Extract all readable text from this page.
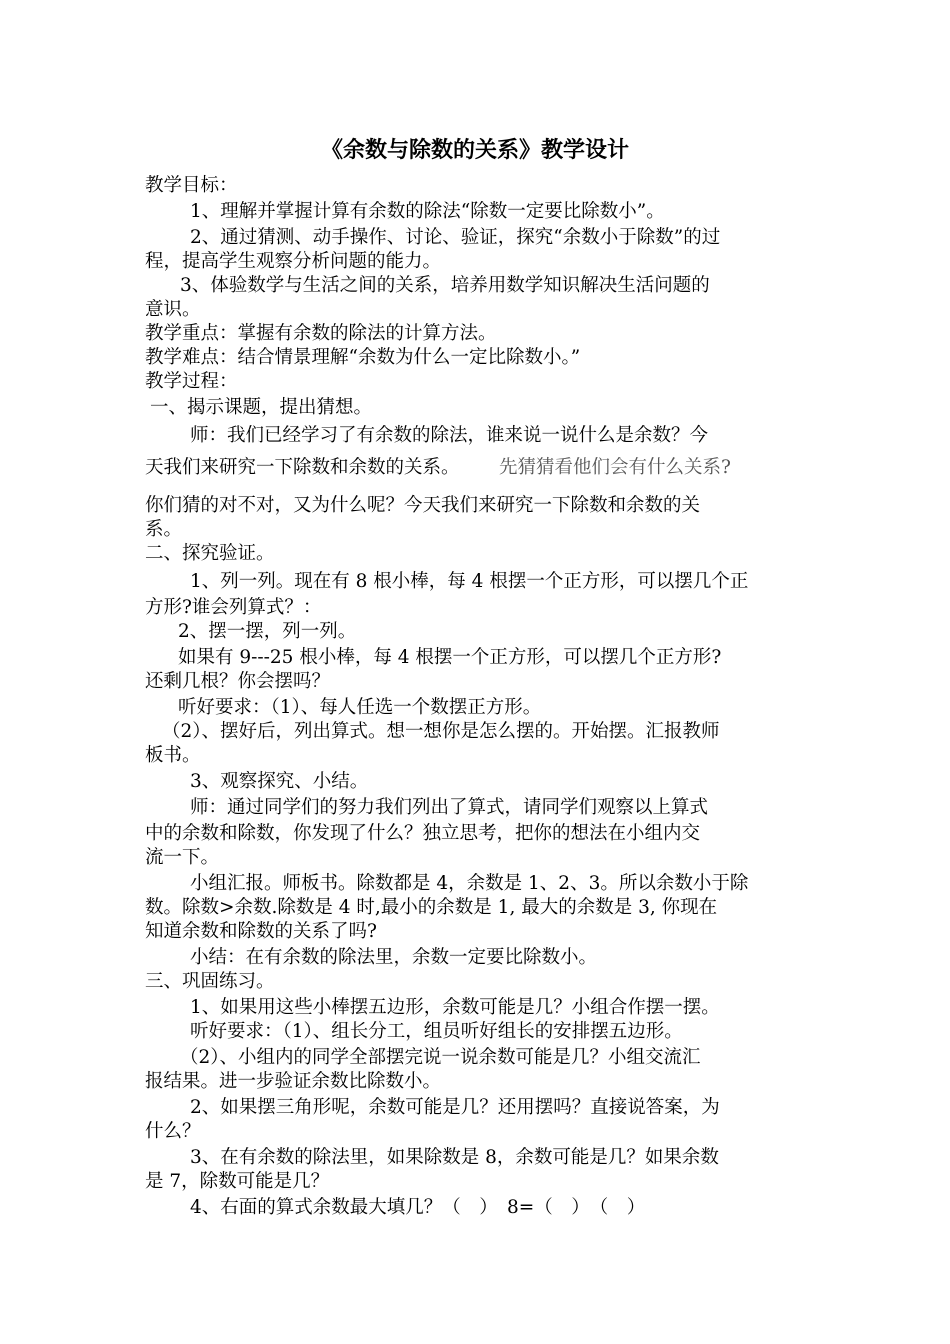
《余数与除数的关系》教学设计
教学目标：
1、理解并掌握计算有余数的除法“除数一定要比除数小”。
2、通过猜测、动手操作、讨论、验证，探究“余数小于除数”的过
程，提高学生观察分析问题的能力。
3、体验数学与生活之间的关系，培养用数学知识解决生活问题的
意识。
教学重点：掌握有余数的除法的计算方法。
教学难点：结合情景理解“余数为什么一定比除数小。”
教学过程：
一、揭示课题，提出猜想。
师：我们已经学习了有余数的除法，谁来说一说什么是余数？今
天我们来研究一下除数和余数的关系。 先猜猜看他们会有什么关系?
你们猜的对不对，又为什么呢？今天我们来研究一下除数和余数的关
系。
二、探究验证。
1、列一列。现在有 8 根小棒，每 4 根摆一个正方形，可以摆几个正
方形?谁会列算式？：
2、摆一摆，列一列。
如果有 9---25 根小棒，每 4 根摆一个正方形，可以摆几个正方形?
还剩几根？你会摆吗？
听好要求：（1）、每人任选一个数摆正方形。
（2）、摆好后，列出算式。想一想你是怎么摆的。开始摆。汇报教师
板书。
3、观察探究、小结。
师：通过同学们的努力我们列出了算式，请同学们观察以上算式
中的余数和除数，你发现了什么？独立思考，把你的想法在小组内交
流一下。
小组汇报。师板书。除数都是 4，余数是 1、2、3。所以余数小于除
数。除数>余数.除数是 4 时,最小的余数是 1, 最大的余数是 3, 你现在
知道余数和除数的关系了吗?
小结：在有余数的除法里，余数一定要比除数小。
三、巩固练习。
1、如果用这些小棒摆五边形，余数可能是几？小组合作摆一摆。
听好要求：（1）、组长分工，组员听好组长的安排摆五边形。
（2）、小组内的同学全部摆完说一说余数可能是几？小组交流汇
报结果。进一步验证余数比除数小。
2、如果摆三角形呢，余数可能是几？还用摆吗？直接说答案，为
什么？
3、在有余数的除法里，如果除数是 8，余数可能是几？如果余数
是 7，除数可能是几？
4、右面的算式余数最大填几？（　）　8=（　）　（　）
